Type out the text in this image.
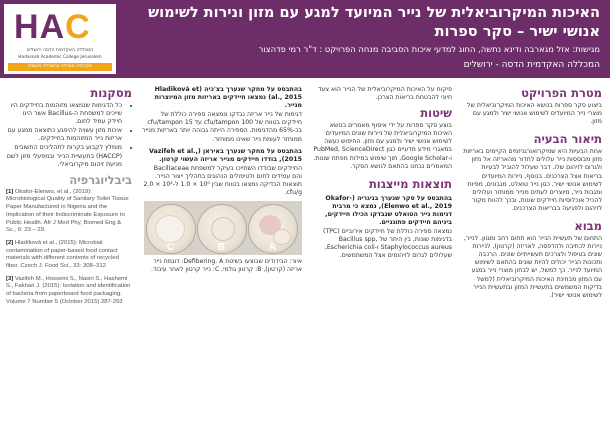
HAC
המכללה האקדמית הדסה ירושלים
Hadassah Academic College Jerusalem
אקדמיה מובילה בהשכלה מעשית
האיכות המיקרוביאלית של נייר המיועד למגע עם מזון ונירות לשימוש אנושי ישיר – סקר ספרות
מגישות: אזל מגארבה ודינא נתשה, החוג למדעי איכות הסביבה מנחה הפרויקט : ד"ר רמי פדהצור
המכללה האקדמית הדסה - ירושלים
מטרת הפרויקט
ביצוע סקר ספרות בנושא האיכות המיקרוביאלית של מוצרי נייר המיועדים לשימוש אנושי ישיר ולמגע עם מזון.
תיאור הבעיה
אחת הבעיות היא שמיקרואורגניזמים הקיימים באריזות מזון מבוססות נייר עלולים לחדור מהאריזה אל מזון ולגרום לזיהום שלו. דבר שעלול להוביל לבעיות בריאות אצל הצרכנים. בנוסף, ניירות המיועדים לשימוש אנושי ישיר, כגון נייר טואלט, מגבונים, מפיות ומגבות נייר, מיוצרים לעתים מנייר ממוחזר ועלולים להכיל אוכלוסיות חיידקים שונות, ובכך להוות מקור לזיהום ולפגיעה בבריאות הצרכנים.
מבוא
התחום של תעשיית הנייר הוא תחום רחב ומגוון. לנייר, ניירות לכתיבה ולהדפסה, לאריזה (קרטון), לניירות שונים בטיפול ולצרכים תעשייתיים שונים. הרכבה ותכונות הנייר יכולים להיות שונים בהתאם לשימוש המיועד לנייר. כך למשל, יש לבחון מוצרי נייר במגע עם המזון מבחינת האיכות המיקרוביאלית (למשל בדיקות המשמשים בתעשיית המזון ובתעשיית הנייר לשימוש אנושי ישיר).
פיקוח על האיכות המיקרוביאלית של הנייר הוא צעד חיוני להבטחת בריאות הצרכן.
שיטות
בוצע סקר ספרות על ידי איסוף מאמרים בנושא האיכות המיקרוביאלית של ניירות שונים המיועדים לשימוש אנושי ישיר ולמגע עם מזון. החיפוש נעשה במאגרי מידע מדעיים כגון PubMed, ScienceDirect ו-Google Scholar, תוך שימוש במילות מפתח שונות. המאמרים נבחנו בהתאם לנושא הסקר.
תוצאות מייצגות
בהתבסס על סקר שנערך בניגריה (Okafor-Elenwo et al., 2019), נמצא כי מרבית דגימות נייר הטואלט שנבדקו הכילו חיידקים, ביניהם חיידקים פתוגניים.
נמצאה ספירה כוללת של חיידקים אירוביים (TPC) בדגימות שונות, בין היתר של Bacillus spp, Staphylococcus aureus ו-Escherichia coli, שעלולים לגרום לזיהומים אצל המשתמשים.
בהתבסס על מחקר שנערך בצ'כיה (Hladiková et al., 2015) נמצאו חיידקים באריזות מזון המיוצרות מנייר.
דגימות של נייר אריזה נבדקו ונמצאה ספירה כוללת של חיידקים בטווח של 100 cfu/tampon עד 15 cfu/tampon בכ-65% מהדגימות. הספירה הייתה גבוהה יותר באריזות מנייר ממוחזר לעומת נייר שאינו ממוחזר.
בהתבסס על מחקר שנערך באיראן (Vazifeh et al., 2015), בודדו חיידקים מנייר אריזה העשוי קרטון.
החיידקים שבודדו השתייכו בעיקר למשפחת Bacillaceae והם עמידים לחום ולטיפולים הנהוגים בתהליך ייצור הנייר. תוצאות הבדיקה נמצאו בטווח שבין 10⁰ × 1.0 ל-10² × 2.0 cfu/g.
A
B
C
איור: הבידודים שבוצעו בשיטת Defibering. A: דוגמת נייר אריזה (קרטון), B: קרטון גולמי, C: נייר קרטון לאחר עיבוד.
מסקנות
• כל הדגימות שנמצאו מזוהמות בחיידקים היו שייכים למשפחת ה-Bacillus אשר הינו חיידק עמיד לחום.
• איכות מזון עשויה להיפגע כתוצאה ממגע עם אריזות נייר המזוהמות בחיידקים.
• מומלץ לקבוע בקרות לתהליכים החשובים (HACCP) בתעשיית הנייר ובמפעלי מזון לשם מניעת זיהום מיקרוביאלי.
ביבליוגרפיה
[1] Okafor-Elenwo, et al., (2019): Microbiological Quality of Sanitary Toilet Tissue Paper Manufactured in Nigeria and the Implication of their Indiscriminate Exposure to Public Health. Afr J Med Phy, Biomed Eng & Sc., 6: 23 – 29.
[2] Hladíková et al., (2015): Microbial contamination of paper-based food contact materials with different contents of recycled fiber. Czech J. Food Sci., 33: 308–312
[3] Vazifeh M., Hosseini S., Nasiri S., Hashemi S., Fakhari J. (2015): Isolation and identification of bacteria from paperboard food packaging. Volume 7 Number 5 (October 2015) 287-293
